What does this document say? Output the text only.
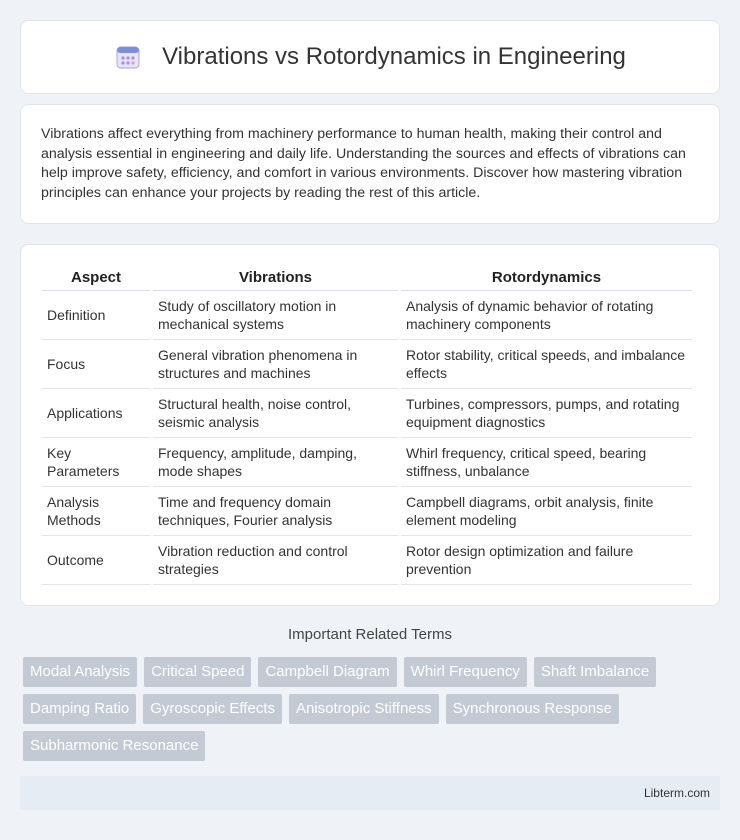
Vibrations vs Rotordynamics in Engineering

Vibrations affect everything from machinery performance to human health, making their control and analysis essential in engineering and daily life. Understanding the sources and effects of vibrations can help improve safety, efficiency, and comfort in various environments. Discover how mastering vibration principles can enhance your projects by reading the rest of this article.

Aspect	Vibrations	Rotordynamics
Definition	Study of oscillatory motion in mechanical systems	Analysis of dynamic behavior of rotating machinery components
Focus	General vibration phenomena in structures and machines	Rotor stability, critical speeds, and imbalance effects
Applications	Structural health, noise control, seismic analysis	Turbines, compressors, pumps, and rotating equipment diagnostics
Key Parameters	Frequency, amplitude, damping, mode shapes	Whirl frequency, critical speed, bearing stiffness, unbalance
Analysis Methods	Time and frequency domain techniques, Fourier analysis	Campbell diagrams, orbit analysis, finite element modeling
Outcome	Vibration reduction and control strategies	Rotor design optimization and failure prevention
Important Related Terms
Modal Analysis	Critical Speed	Campbell Diagram	Whirl Frequency	Shaft Imbalance
Damping Ratio	Gyroscopic Effects	Anisotropic Stiffness	Synchronous Response
Subharmonic Resonance
Libterm.com
